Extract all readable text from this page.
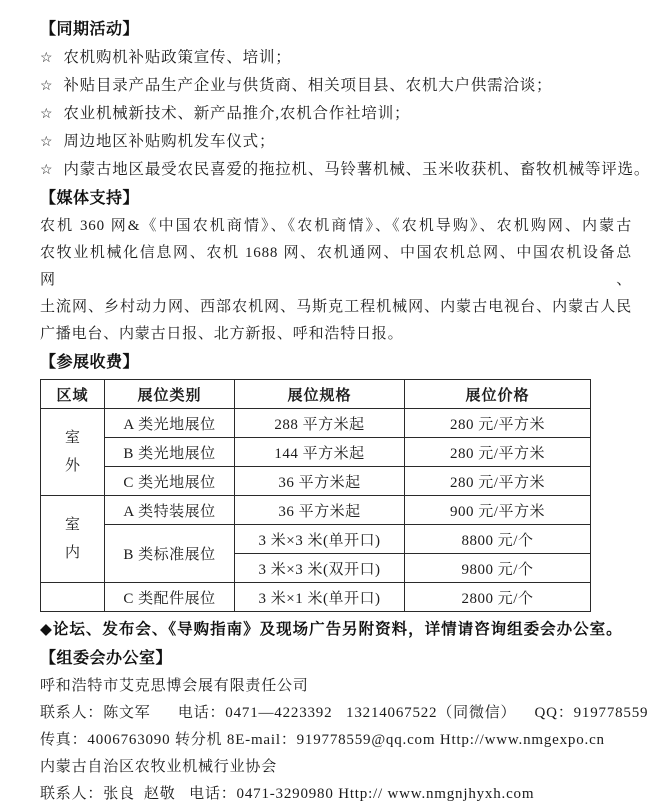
【同期活动】
☆ 农机购机补贴政策宣传、培训；
☆ 补贴目录产品生产企业与供货商、相关项目县、农机大户供需洽谈；
☆ 农业机械新技术、新产品推介,农机合作社培训；
☆ 周边地区补贴购机发车仪式；
☆ 内蒙古地区最受农民喜爱的拖拉机、马铃薯机械、玉米收获机、畜牧机械等评选。
【媒体支持】
农机 360 网&《中国农机商情》、《农机商情》、《农机导购》、农机购网、内蒙古
农牧业机械化信息网、农机 1688 网、农机通网、中国农机总网、中国农机设备总网、
土流网、乡村动力网、西部农机网、马斯克工程机械网、内蒙古电视台、内蒙古人民
广播电台、内蒙古日报、北方新报、呼和浩特日报。
【参展收费】
区域	展位类别	展位规格	展位价格

室外	A 类光地展位	288 平方米起	280 元/平方米
	B 类光地展位	144 平方米起	280 元/平方米
	C 类光地展位	36 平方米起	280 元/平方米

室内	A 类特装展位	36 平方米起	900 元/平方米
	B 类标准展位	3 米×3 米(单开口)	8800 元/个
		3 米×3 米(双开口)	9800 元/个
	C 类配件展位	3 米×1 米(单开口)	2800 元/个
◆论坛、发布会、《导购指南》及现场广告另附资料，详情请咨询组委会办公室。
【组委会办公室】
呼和浩特市艾克思博会展有限责任公司
联系人：陈文军      电话：0471—4223392   13214067522（同微信）    QQ：919778559
传真：4006763090 转分机 8E-mail：919778559@qq.com Http://www.nmgexpo.cn
内蒙古自治区农牧业机械行业协会
联系人：张良  赵敬   电话：0471-3290980 Http:// www.nmgnjhyxh.com
